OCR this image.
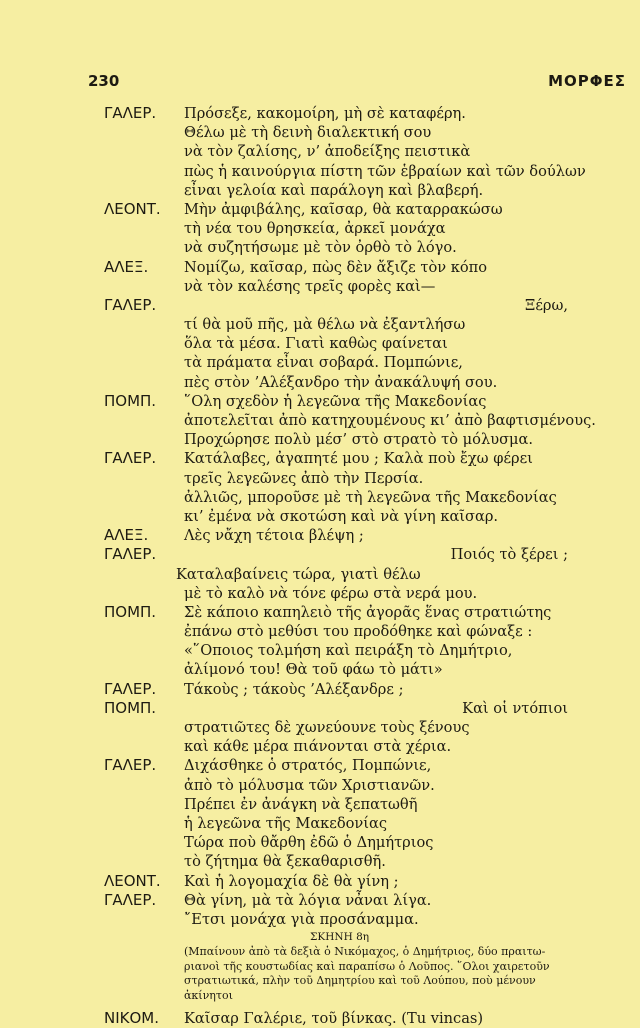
230	ΜΟΡΦΕΣ
ΓΑΛΕΡ. Πρόσεξε, κακομοίρη, μὴ σὲ καταφέρη.
Θέλω μὲ τὴ δεινὴ διαλεκτική σου
νὰ τὸν ζαλίσης, ν’ ἀποδείξης πειστικὰ
πὼς ἡ καινούργια πίστη τῶν ἑβραίων καὶ τῶν δούλων
εἶναι γελοία καὶ παράλογη καὶ βλαβερή.
ΛΕΟΝΤ. Μὴν ἀμφιβάλης, καῖσαρ, θὰ καταρρακώσω
τὴ νέα του θρησκεία, ἀρκεῖ μονάχα
νὰ συζητήσωμε μὲ τὸν ὀρθὸ τὸ λόγο.
ΑΛΕΞ. Νομίζω, καῖσαρ, πὼς δὲν ἄξιζε τὸν κόπο
νὰ τὸν καλέσης τρεῖς φορὲς καὶ—
ΓΑΛΕΡ.	Ξέρω,
τί θὰ μοῦ πῆς, μὰ θέλω νὰ ἐξαντλήσω
ὅλα τὰ μέσα. Γιατὶ καθὼς φαίνεται
τὰ πράματα εἶναι σοβαρά. Πομπώνιε,
πὲς στὸν ’Αλέξανδρο τὴν ἀνακάλυψή σου.
ΠΟΜΠ. ῞Ολη σχεδὸν ἡ λεγεῶνα τῆς Μακεδονίας
ἀποτελεῖται ἀπὸ κατηχουμένους κι’ ἀπὸ βαφτισμένους.
Προχώρησε πολὺ μέσ’ στὸ στρατὸ τὸ μόλυσμα.
ΓΑΛΕΡ. Κατάλαβες, ἀγαπητέ μου ; Καλὰ ποὺ ἔχω φέρει
τρεῖς λεγεῶνες ἀπὸ τὴν Περσία.
ἀλλιῶς, μποροῦσε μὲ τὴ λεγεῶνα τῆς Μακεδονίας
κι’ ἐμένα νὰ σκοτώση καὶ νὰ γίνη καῖσαρ.
ΑΛΕΞ. Λὲς νἄχη τέτοια βλέψη ;
ΓΑΛΕΡ.	Ποιός τὸ ξέρει ;
Καταλαβαίνεις τώρα, γιατὶ θέλω
μὲ τὸ καλὸ νὰ τόνε φέρω στὰ νερά μου.
ΠΟΜΠ. Σὲ κάποιο καπηλειὸ τῆς ἀγορᾶς ἕνας στρατιώτης
ἐπάνω στὸ μεθύσι του προδόθηκε καὶ φώναξε :
«῞Οποιος τολμήση καὶ πειράξη τὸ Δημήτριο,
ἀλίμονό του! Θὰ τοῦ φάω τὸ μάτι»
ΓΑΛΕΡ. Τάκοὺς ; τάκοὺς ’Αλέξανδρε ;
ΠΟΜΠ.	Καὶ οἱ ντόπιοι
στρατιῶτες δὲ χωνεύουνε τοὺς ξένους
καὶ κάθε μέρα πιάνονται στὰ χέρια.
ΓΑΛΕΡ. Διχάσθηκε ὁ στρατός, Πομπώνιε,
ἀπὸ τὸ μόλυσμα τῶν Χριστιανῶν.
Πρέπει ἐν ἀνάγκη νὰ ξεπατωθῆ
ἡ λεγεῶνα τῆς Μακεδονίας
Τώρα ποὺ θἄρθη ἐδῶ ὁ Δημήτριος
τὸ ζήτημα θὰ ξεκαθαρισθῆ.
ΛΕΟΝΤ. Καὶ ἡ λογομαχία δὲ θὰ γίνη ;
ΓΑΛΕΡ. Θὰ γίνη, μὰ τὰ λόγια νἆναι λίγα.
῎Ετσι μονάχα γιὰ προσάναμμα.
ΣΚΗΝΗ 8η
(Μπαίνουν ἀπὸ τὰ δεξιὰ ὁ Νικόμαχος, ὁ Δημήτριος, δύο πραιτω-
ριανοὶ τῆς κουστωδίας καὶ παραπίσω ὁ Λοῦπος. ῞Ολοι χαιρετοῦν
στρατιωτικά, πλὴν τοῦ Δημητρίου καὶ τοῦ Λούπου, ποὺ μένουν
ἀκίνητοι
ΝΙΚΟΜ. Καῖσαρ Γαλέριε, τοῦ βίνκας. (Tu vincas)
